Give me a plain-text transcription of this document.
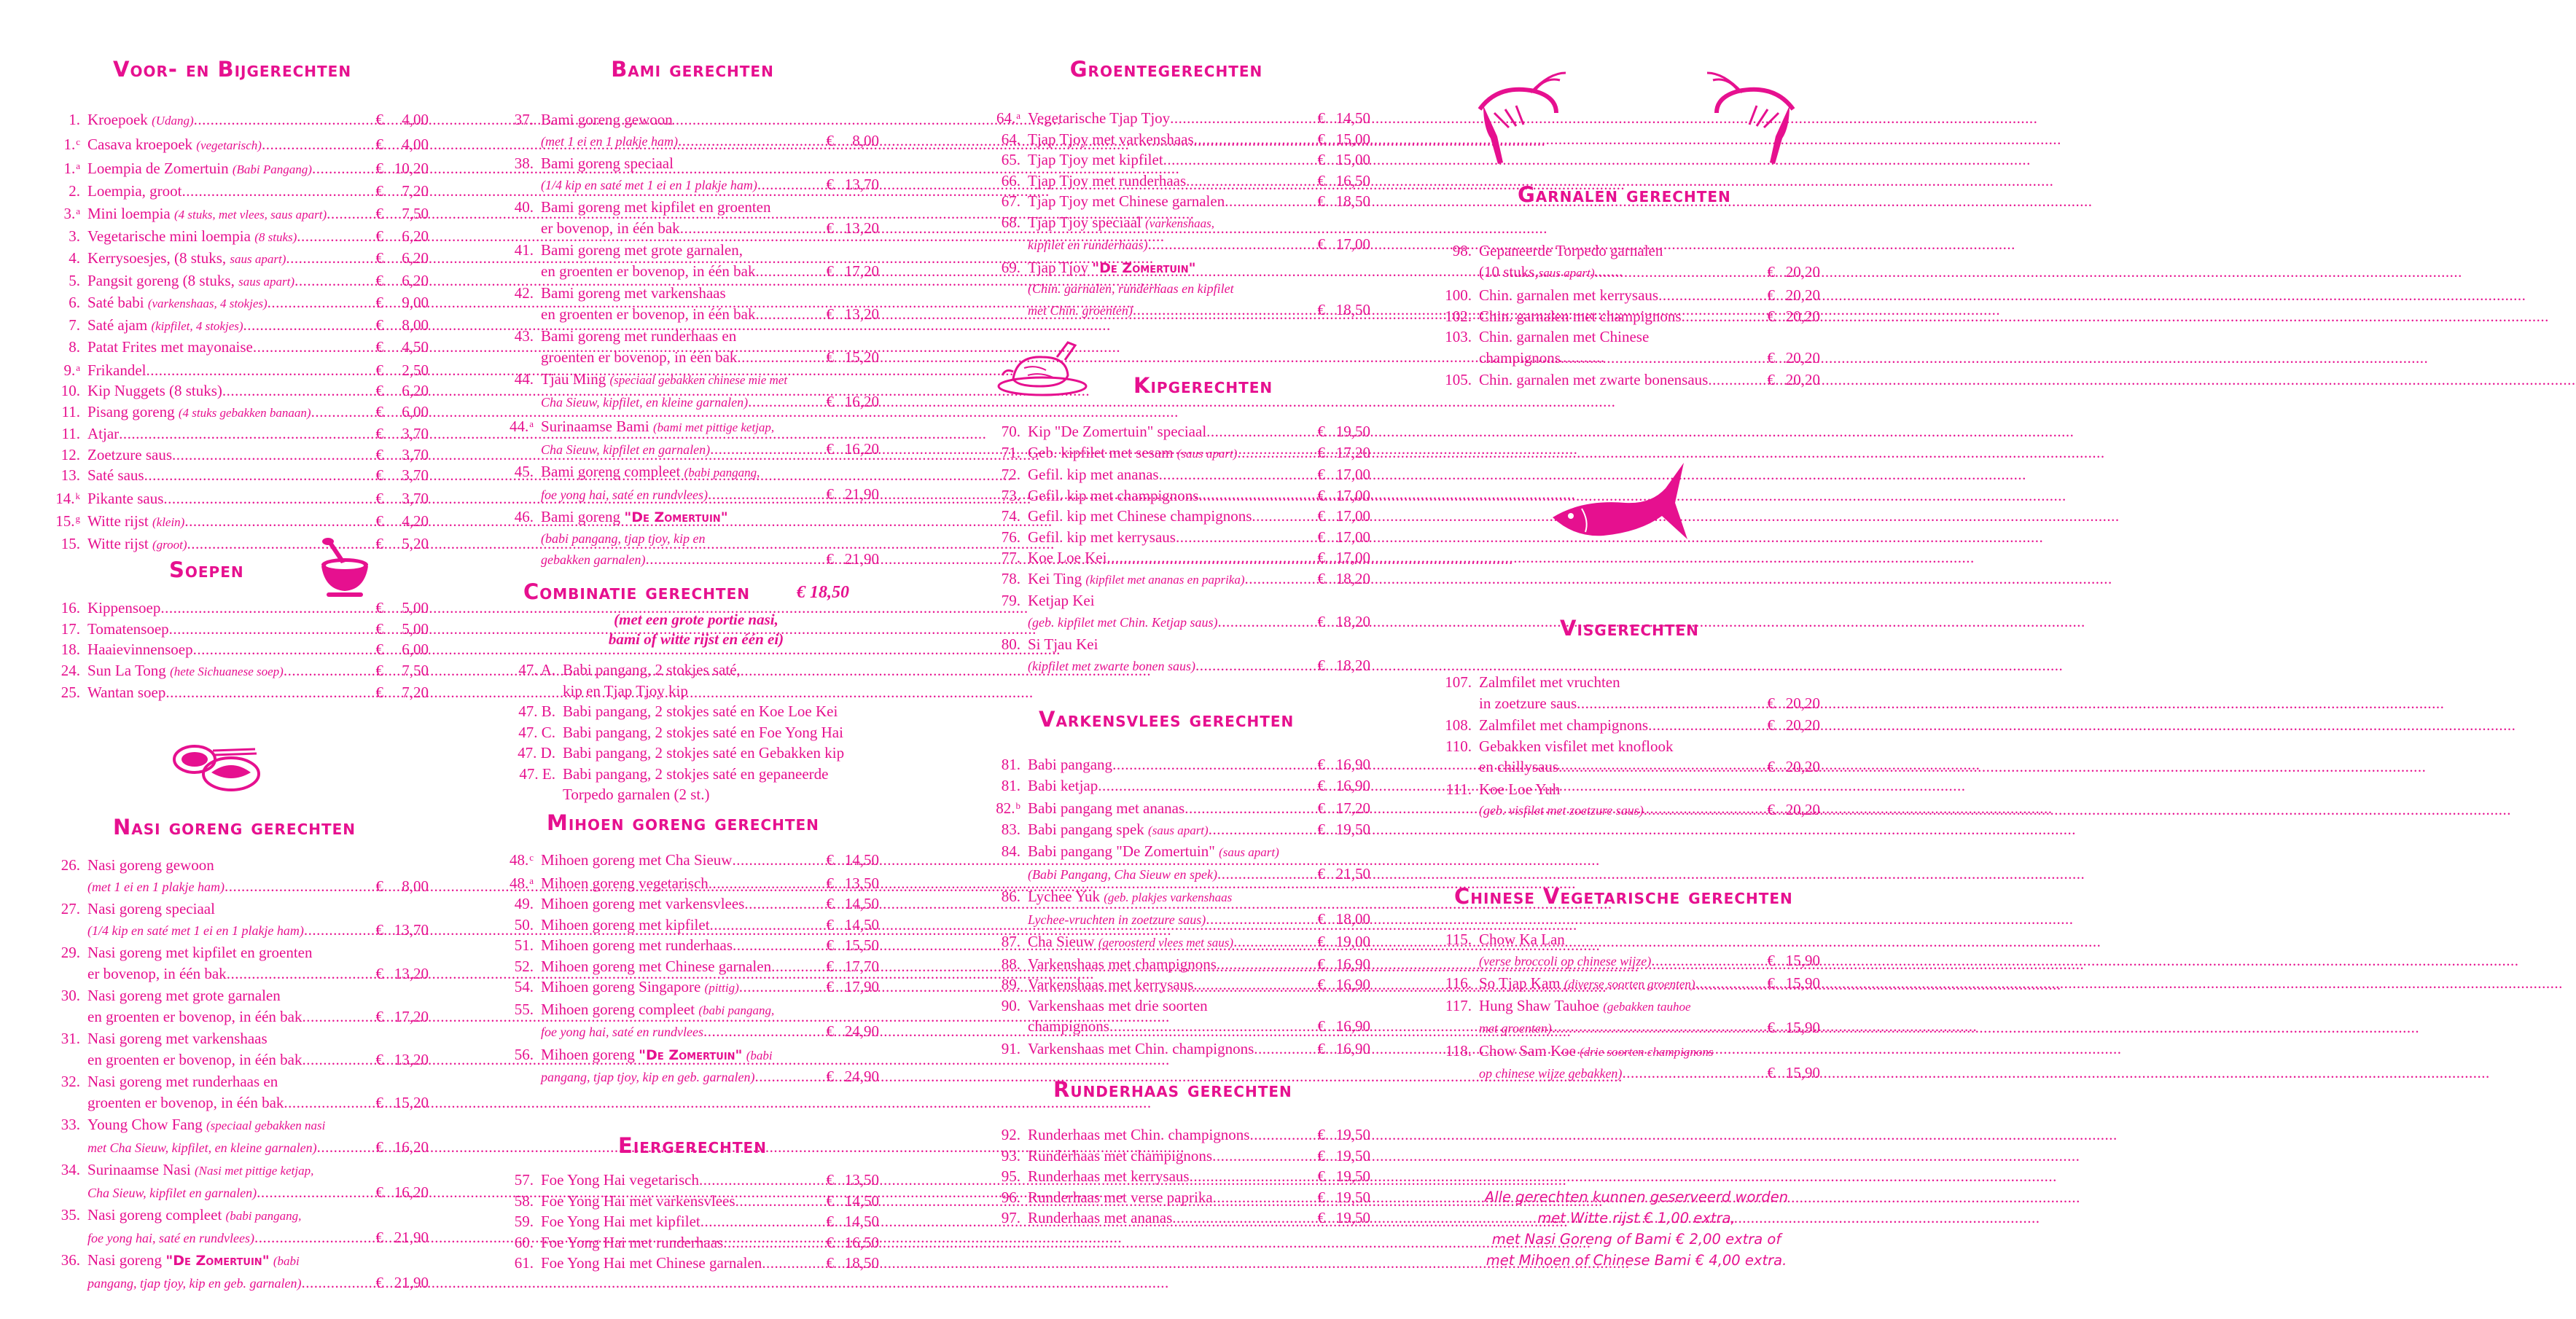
Voor- en Bijgerechten
1. Kroepoek (Udang) .....	€	4,00
1.$^c$ Casava kroepoek (vegetarisch) .....	€	4,00
1.$^a$ Loempia de Zomertuin (Babi Pangang) .....	€ 10,20
2. Loempia, groot .....	€	7,20
3.$^a$ Mini loempia (4 stuks, met vlees, saus apart) .....	€	7,50
3. Vegetarische mini loempia (8 stuks) .....	€	6,20
4. Kerrysoesjes, (8 stuks, saus apart) .....	€	6,20
5. Pangsit goreng (8 stuks, saus apart) .....	€	6,20
6. Saté babi (varkenshaas, 4 stokjes) .....	€	9,00
7. Saté ajam (kipfilet, 4 stokjes) .....	€	8,00
8. Patat Frites met mayonaise .....	€	4,50
9.$^a$ Frikandel .....	€	2,50
10. Kip Nuggets (8 stuks) .....	€	6,20
11. Pisang goreng (4 stuks gebakken banaan) .....	€	6,00
11. Atjar .....	€	3,70
12. Zoetzure saus .....	€	3,70
13. Saté saus .....	€	3,70
14.$^k$ Pikante saus .....	€	3,70
15.$^g$ Witte rijst (klein) .....	€	4,20
15. Witte rijst (groot) .....	€	5,20
Soepen
16. Kippensoep .....	€	5,00
17. Tomatensoep .....	€	5,00
18. Haaievinnensoep .....	€	6,00
24. Sun La Tong (hete Sichuanese soep) .....	€	7,50
25. Wantan soep .....	€	7,20
Nasi goreng gerechten
26. Nasi goreng gewoon
(met 1 ei en 1 plakje ham) .....	€	8,00
27. Nasi goreng speciaal
(1/4 kip en saté met 1 ei en 1 plakje ham) .....	€ 13,70
29. Nasi goreng met kipfilet en groenten
er bovenop, in één bak .....	€ 13,20
30. Nasi goreng met grote garnalen
en groenten er bovenop, in één bak .....	€ 17,20
31. Nasi goreng met varkenshaas
en groenten er bovenop, in één bak .....	€ 13,20
32. Nasi goreng met runderhaas en
groenten er bovenop, in één bak .....	€ 15,20
33. Young Chow Fang (speciaal gebakken nasi
met Cha Sieuw, kipfilet, en kleine garnalen) .....	€ 16,20
34. Surinaamse Nasi (Nasi met pittige ketjap,
Cha Sieuw, kipfilet en garnalen) .....	€ 16,20
35. Nasi goreng compleet (babi pangang,
foe yong hai, saté en rundvlees) .....	€ 21,90
36. Nasi goreng "De Zomertuin" (babi
pangang, tjap tjoy, kip en geb. garnalen) .....	€ 21,90
Bami gerechten
37. Bami goreng gewoon
(met 1 ei en 1 plakje ham) .....	€	8,00
38. Bami goreng speciaal
(1/4 kip en saté met 1 ei en 1 plakje ham) .....	€ 13,70
40. Bami goreng met kipfilet en groenten
er bovenop, in één bak .....	€ 13,20
41. Bami goreng met grote garnalen,
en groenten er bovenop, in één bak .....	€ 17,20
42. Bami goreng met varkenshaas
en groenten er bovenop, in één bak .....	€ 13,20
43. Bami goreng met runderhaas en
groenten er bovenop, in één bak .....	€ 15,20
44. Tjau Ming (speciaal gebakken chinese mie met
Cha Sieuw, kipfilet, en kleine garnalen) .....	€ 16,20
44.$^a$ Surinaamse Bami (bami met pittige ketjap,
Cha Sieuw, kipfilet en garnalen) .....	€ 16,20
45. Bami goreng compleet (babi pangang,
foe yong hai, saté en rundvlees) .....	€ 21,90
46. Bami goreng "De Zomertuin"
(babi pangang, tjap tjoy, kip en
gebakken garnalen) .....	€ 21,90
Combinatie gerechten
47. A. Babi pangang, 2 stokjes saté,
kip en Tjap Tjoy kip
47. B. Babi pangang, 2 stokjes saté en Koe Loe Kei
47. C. Babi pangang, 2 stokjes saté en Foe Yong Hai
47. D. Babi pangang, 2 stokjes saté en Gebakken kip
47. E. Babi pangang, 2 stokjes saté en gepaneerde
Torpedo garnalen (2 st.)
Mihoen goreng gerechten
48.$^c$ Mihoen goreng met Cha Sieuw .....	€ 14,50
48.$^a$ Mihoen goreng vegetarisch .....	€ 13,50
49. Mihoen goreng met varkensvlees .....	€ 14,50
50. Mihoen goreng met kipfilet .....	€ 14,50
51. Mihoen goreng met runderhaas .....	€ 15,50
52. Mihoen goreng met Chinese garnalen .....	€ 17,70
54. Mihoen goreng Singapore (pittig) .....	€ 17,90
55. Mihoen goreng compleet (babi pangang,
foe yong hai, saté en rundvlees .....	€ 24,90
56. Mihoen goreng "De Zomertuin" (babi
pangang, tjap tjoy, kip en geb. garnalen) .....	€ 24,90
Eiergerechten
57. Foe Yong Hai vegetarisch .....	€ 13,50
58. Foe Yong Hai met varkensvlees .....	€ 14,50
59. Foe Yong Hai met kipfilet .....	€ 14,50
60. Foe Yong Hai met runderhaas .....	€ 16,50
61. Foe Yong Hai met Chinese garnalen .....	€ 18,50
Groentegerechten
64.$^a$ Vegetarische Tjap Tjoy .....	€ 14,50
64. Tjap Tjoy met varkenshaas .....	€ 15,00
65. Tjap Tjoy met kipfilet .....	€ 15,00
66. Tjap Tjoy met runderhaas .....	€ 16,50
67. Tjap Tjoy met Chinese garnalen .....	€ 18,50
68. Tjap Tjoy speciaal (varkenshaas,
kipfilet en runderhaas) .....	€ 17,00
69. Tjap Tjoy "De Zomertuin"
(Chin. garnalen, runderhaas en kipfilet
met Chin. groenten) .....	€ 18,50
Kipgerechten
70. Kip "De Zomertuin" speciaal .....	€ 19,50
71. Geb. kipfilet met sesam (saus apart) .....	€ 17,20
72. Gefil. kip met ananas .....	€ 17,00
73. Gefil. kip met champignons .....	€ 17,00
74. Gefil. kip met Chinese champignons .....	€ 17,00
76. Gefil. kip met kerrysaus .....	€ 17,00
77. Koe Loe Kei .....	€ 17,00
78. Kei Ting (kipfilet met ananas en paprika) .....	€ 18,20
79. Ketjap Kei
(geb. kipfilet met Chin. Ketjap saus) .....	€ 18,20
80. Si Tjau Kei
(kipfilet met zwarte bonen saus) .....	€ 18,20
Varkensvlees gerechten
81. Babi pangang .....	€ 16,90
81. Babi ketjap .....	€ 16,90
82.$^b$ Babi pangang met ananas .....	€ 17,20
83. Babi pangang spek (saus apart) .....	€ 19,50
84. Babi pangang "De Zomertuin" (saus apart)
(Babi Pangang, Cha Sieuw en spek) .....	€ 21,50
86. Lychee Yuk (geb. plakjes varkenshaas
Lychee-vruchten in zoetzure saus) .....	€ 18,00
87. Cha Sieuw (geroosterd vlees met saus) .....	€ 19,00
88. Varkenshaas met champignons .....	€ 16,90
89. Varkenshaas met kerrysaus .....	€ 16,90
90. Varkenshaas met drie soorten
champignons .....	€ 16,90
91. Varkenshaas met Chin. champignons .....	€ 16,90
Runderhaas gerechten
92. Runderhaas met Chin. champignons .....	€ 19,50
93. Runderhaas met champignons .....	€ 19,50
95. Runderhaas met kerrysaus .....	€ 19,50
96. Runderhaas met verse paprika .....	€ 19,50
97. Runderhaas met ananas .....	€ 19,50
Garnalen gerechten
98. Gepaneerde Torpedo garnalen
(10 stuks, saus apart) .....	€ 20,20
100. Chin. garnalen met kerrysaus .....	€ 20,20
102. Chin. garnalen met champignons .....	€ 20,20
103. Chin. garnalen met Chinese
champignons .....	€ 20,20
105. Chin. garnalen met zwarte bonensaus .....	€ 20,20
Visgerechten
107. Zalmfilet met vruchten
in zoetzure saus .....	€ 20,20
108. Zalmfilet met champignons .....	€ 20,20
110. Gebakken visfilet met knoflook
en chillysaus .....	€ 20,20
111. Koe Loe Yuh
(geb. visfilet met zoetzure saus) .....	€ 20,20
Chinese Vegetarische gerechten
115. Chow Ka Lan
(verse broccoli op chinese wijze) .....	€ 15,90
116. So Tjap Kam (diverse soorten groenten) .....	€ 15,90
117. Hung Shaw Tauhoe (gebakken tauhoe
met groenten) .....	€ 15,90
118. Chow Sam Koe (drie soorten champignons
op chinese wijze gebakken) .....	€ 15,90
€ 18,50
(met een grote portie nasi,
bami of witte rijst en één ei)
Alle gerechten kunnen geserveerd worden
met Witte rijst € 1,00 extra,
met Nasi Goreng of Bami € 2,00 extra of
met Mihoen of Chinese Bami € 4,00 extra.
